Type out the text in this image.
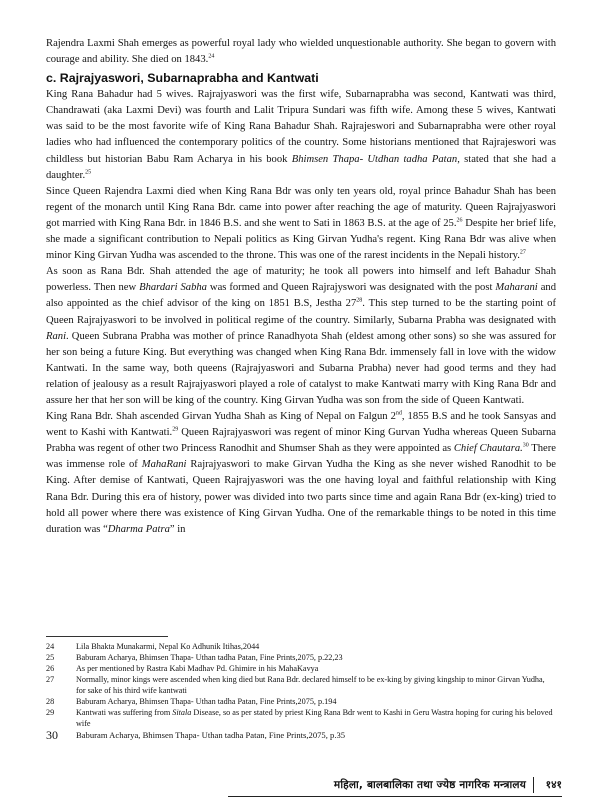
Rajendra Laxmi Shah emerges as powerful royal lady who wielded unquestionable authority. She began to govern with courage and ability. She died on 1843.24

c. Rajrajyaswori, Subarnaprabha and Kantwati

King Rana Bahadur had 5 wives. Rajrajyaswori was the first wife, Subarnaprabha was second, Kantwati was third, Chandrawati (aka Laxmi Devi) was fourth and Lalit Tripura Sundari was fifth wife. Among these 5 wives, Kantwati was said to be the most favorite wife of King Rana Bahadur Shah. Rajrajeswori and Subarnaprabha were other royal ladies who had influenced the contemporary politics of the country. Some historians mentioned that Rajrajeswori was childless but historian Babu Ram Acharya in his book Bhimsen Thapa- Utdhan tadha Patan, stated that she had a daughter.$^{25}$

Since Queen Rajendra Laxmi died when King Rana Bdr was only ten years old, royal prince Bahadur Shah has been regent of the monarch until King Rana Bdr. came into power after reaching the age of maturity. Queen Rajrajyaswori got married with King Rana Bdr. in 1846 B.S. and she went to Sati in 1863 B.S. at the age of 25.26 Despite her brief life, she made a significant contribution to Nepali politics as King Girvan Yudha's regent. King Rana Bdr was alive when minor King Girvan Yudha was ascended to the throne. This was one of the rarest incidents in the Nepali history.$^{27}$

As soon as Rana Bdr. Shah attended the age of maturity; he took all powers into himself and left Bahadur Shah powerless. Then new Bhardari Sabha was formed and Queen Rajrajyswori was designated with the post Maharani and also appointed as the chief advisor of the king on 1851 B.S, Jestha $27^{28}$. This step turned to be the starting point of Queen Rajrajyaswori to be involved in political regime of the country. Similarly, Subarna Prabha was designated with Rani. Queen Subrana Prabha was mother of prince Ranadhyota Shah (eldest among other sons) so she was assured for her son being a future King. But everything was changed when King Rana Bdr. immensely fall in love with the widow Kantwati. In the same way, both queens (Rajrajyaswori and Subarna Prabha) never had good terms and they had relation of jealousy as a result Rajrajyaswori played a role of catalyst to make Kantwati marry with King Rana Bdr and assure her that her son will be king of the country. King Girvan Yudha was son from the side of Queen Kantwati.

King Rana Bdr. Shah ascended Girvan Yudha Shah as King of Nepal on Falgun 2nd, 1855 B.S and he took Sansyas and went to Kashi with Kantwati.$^{29}$ Queen Rajrajyaswori was regent of minor King Gurvan Yudha whereas Queen Subarna Prabha was regent of other two Princess Ranodhit and Shumser Shah as they were appointed as Chief Chautara.$^{30}$ There was immense role of MahaRani Rajrajyaswori to make Girvan Yudha the King as she never wished Ranodhit to be King. After demise of Kantwati, Queen Rajrajyaswori was the one having loyal and faithful relationship with King Rana Bdr. During this era of history, power was divided into two parts since time and again Rana Bdr (ex-king) tried to hold all power where there was existence of King Girvan Yudha. One of the remarkable things to be noted in this time duration was “Dharma Patra” in

24	Lila Bhakta Munakarmi, Nepal Ko Adhunik Itihas,2044
25	Baburam Acharya, Bhimsen Thapa- Uthan tadha Patan, Fine Prints,2075, p.22,23
26	As per mentioned by Rastra Kabi Madhav Pd. Ghimire in his MahaKavya
27	Normally, minor kings were ascended when king died but Rana Bdr. declared himself to be ex-king by giving kingship to minor Girvan Yudha, for sake of his third wife kantwati
28	Baburam Acharya, Bhimsen Thapa- Uthan tadha Patan, Fine Prints,2075, p.194
29	Kantwati was suffering from Sitala Disease, so as per stated by priest King Rana Bdr went to Kashi in Geru Wastra hoping for curing his beloved wife
30	Baburam Acharya, Bhimsen Thapa- Uthan tadha Patan, Fine Prints,2075, p.35
महिला, बालबालिका तथा ज्येष्ठ नागरिक मन्त्रालय १४१
